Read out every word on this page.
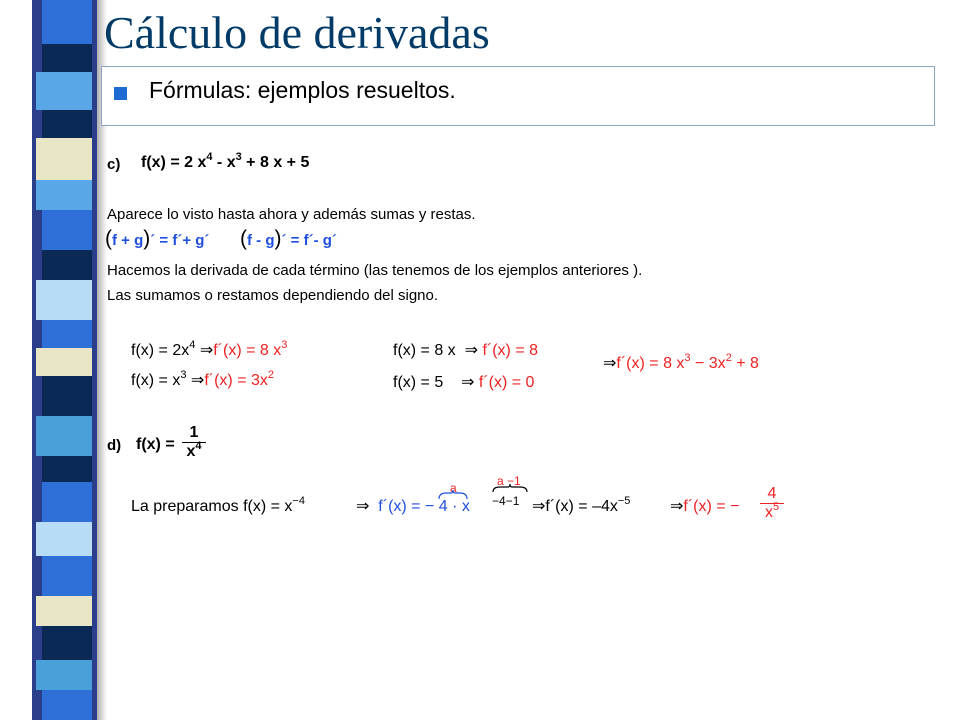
Cálculo de derivadas
Fórmulas: ejemplos resueltos.
c) f(x) = 2 $x^4 - x^3 + 8$ x + 5
Aparece lo visto hasta ahora y además sumas y restas.
(f + g)´ = f´+ g´ (f - g)´ = f´- g´
Hacemos la derivada de cada término (las tenemos de los ejemplos anteriores ).
Las sumamos o restamos dependiendo del signo.
$f(x) = 2x^4$ ⇒f´(x) = 8 $x^3$
$f(x) = x^3$ ⇒f´(x) = $3x^2$
f(x) = 8 x  ⇒ f´(x) = 8
f(x) = 5    ⇒ f´(x) = 0
⇒f´(x) = 8 $x^3 - 3x^2 + 8$
d) f(x) =
1
$x^4$
La preparamos $f(x) = x^{-4}$	⇒  f´(x) = − 4 · x
a	a −1
−4−1 ⇒f´(x) = $-4x^{-5}$ ⇒f´(x) = −
4
$x^5$
